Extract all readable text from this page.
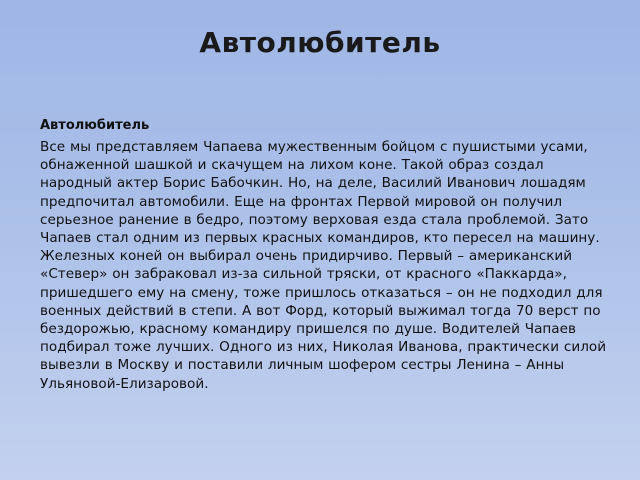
Автолюбитель

Автолюбитель

Все мы представляем Чапаева мужественным бойцом с пушистыми усами, обнаженной шашкой и скачущем на лихом коне. Такой образ создал народный актер Борис Бабочкин. Но, на деле, Василий Иванович лошадям предпочитал автомобили. Еще на фронтах Первой мировой он получил серьезное ранение в бедро, поэтому верховая езда стала проблемой. Зато Чапаев стал одним из первых красных командиров, кто пересел на машину. Железных коней он выбирал очень придирчиво. Первый – американский «Стевер» он забраковал из-за сильной тряски, от красного «Паккарда», пришедшего ему на смену, тоже пришлось отказаться – он не подходил для военных действий в степи. А вот Форд, который выжимал тогда 70 верст по бездорожью, красному командиру пришелся по душе. Водителей Чапаев подбирал тоже лучших. Одного из них, Николая Иванова, практически силой вывезли в Москву и поставили личным шофером сестры Ленина – Анны Ульяновой-Елизаровой.
